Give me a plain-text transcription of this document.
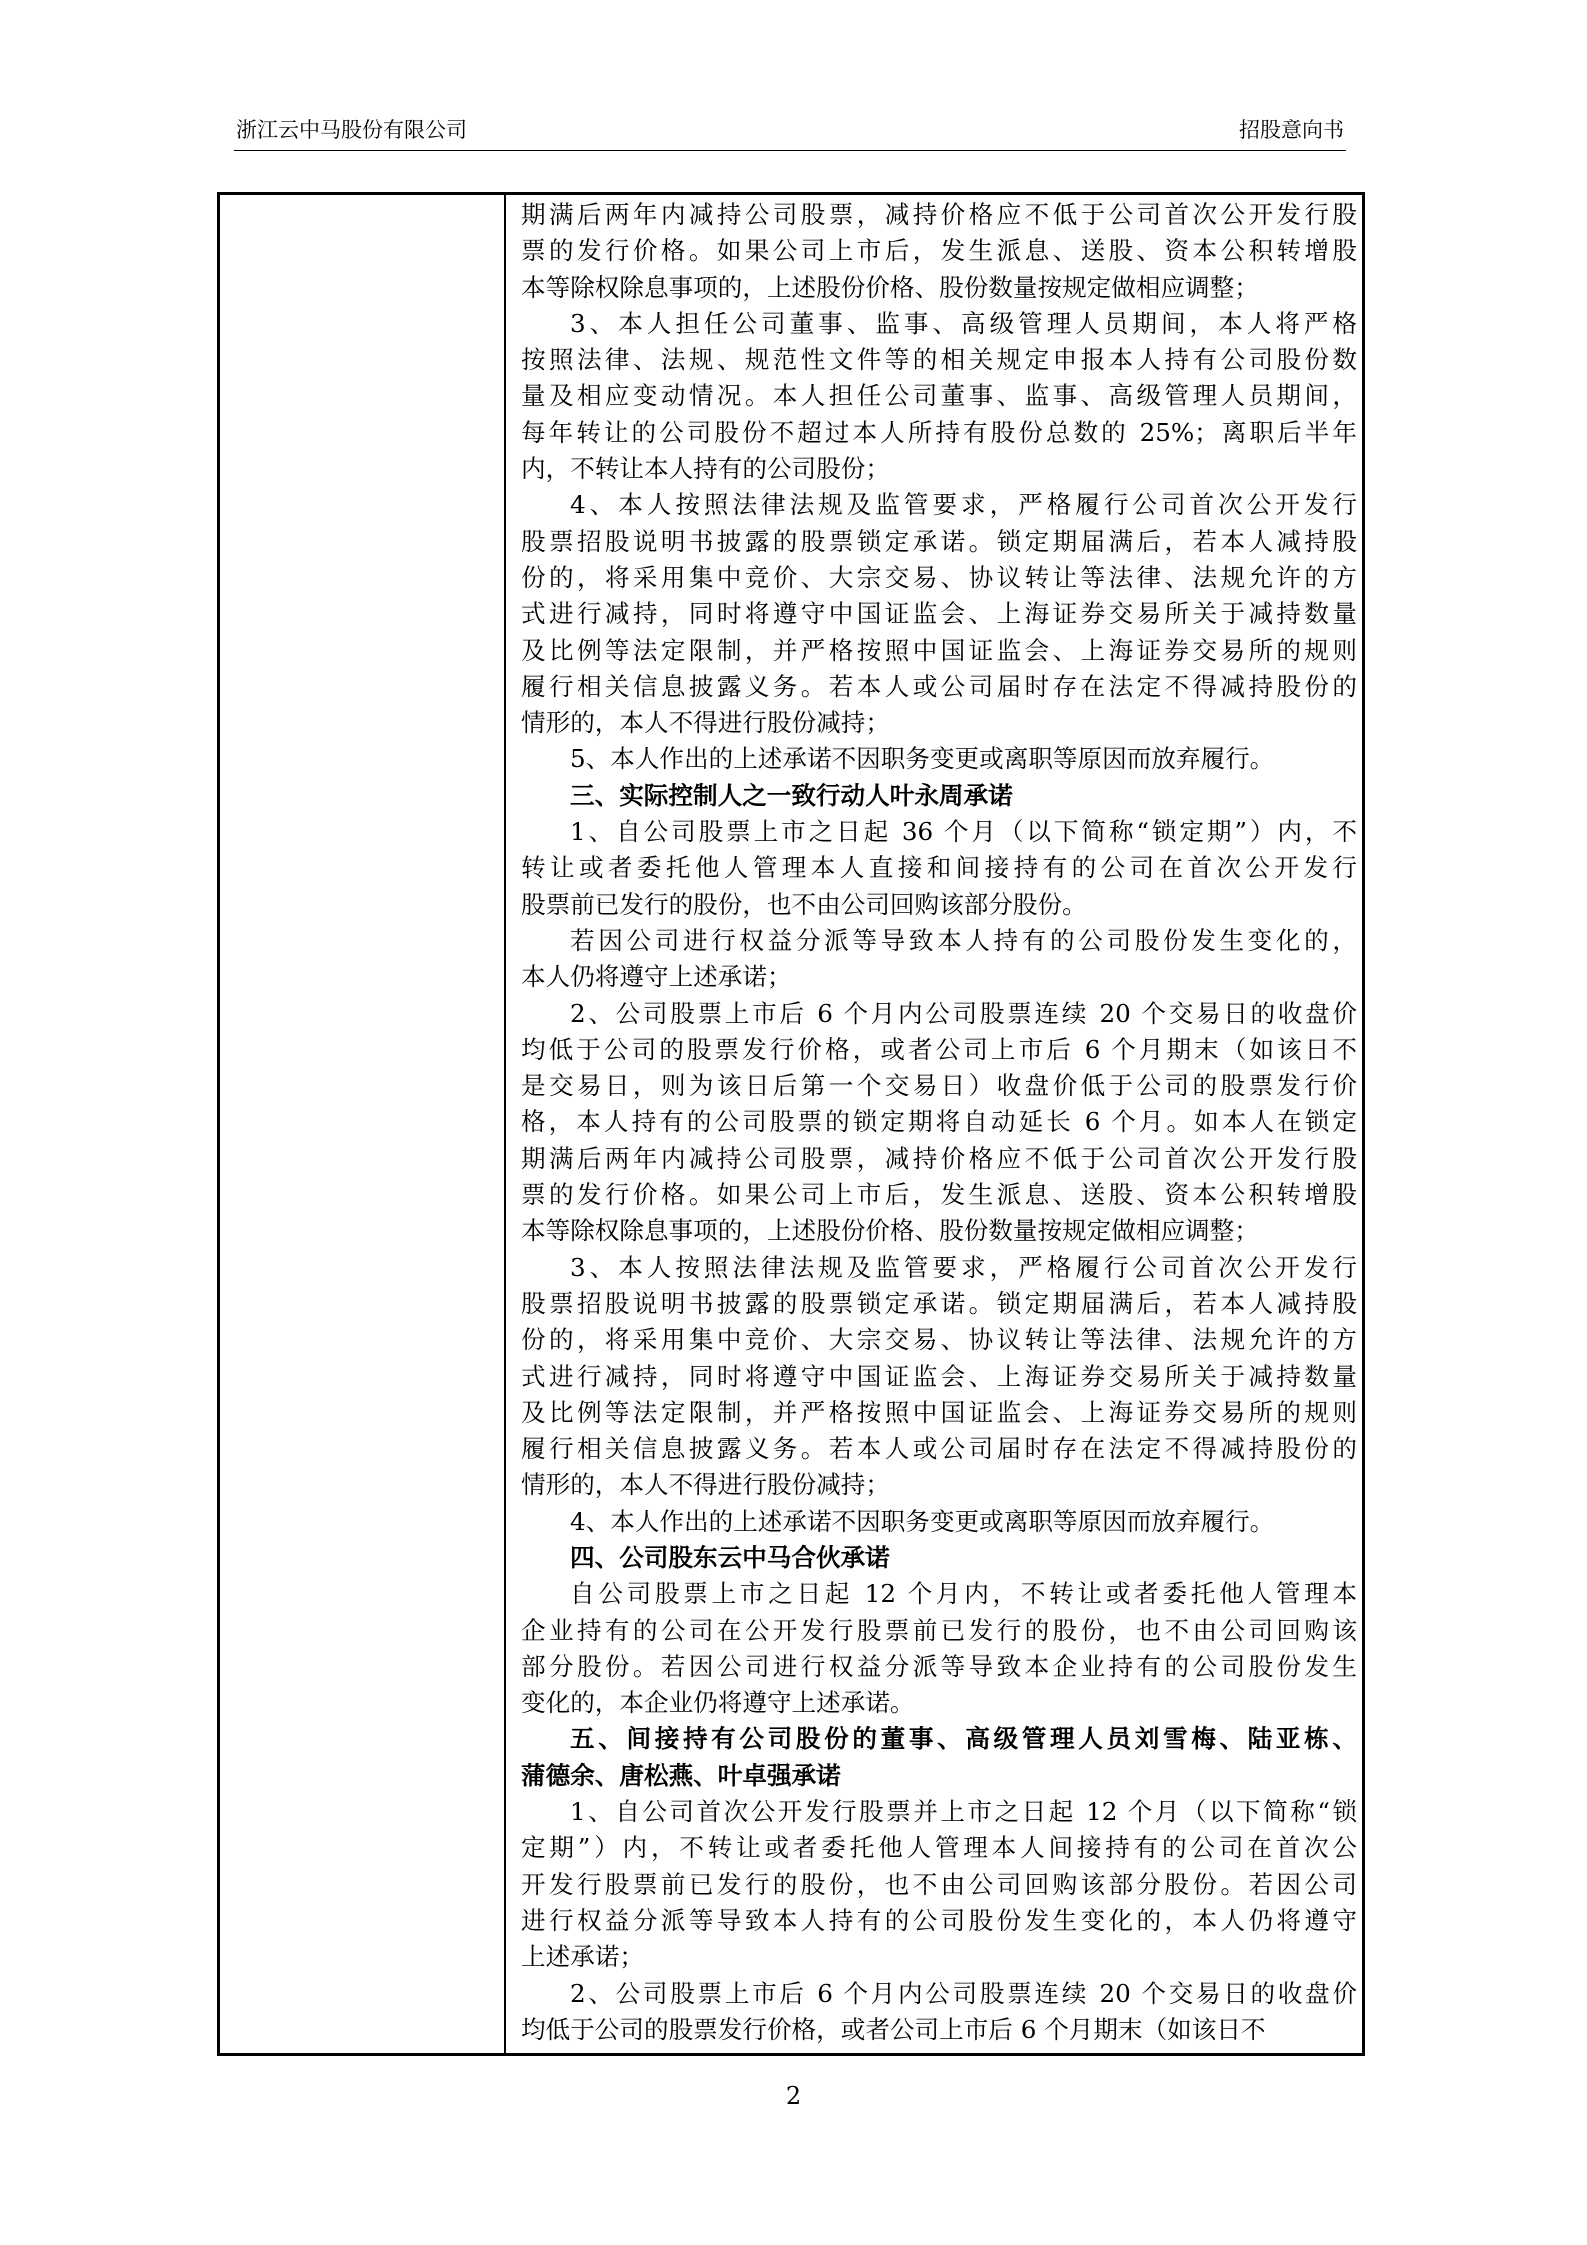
浙江云中马股份有限公司	招股意向书
期满后两年内减持公司股票，减持价格应不低于公司首次公开发行股
票的发行价格。如果公司上市后，发生派息、送股、资本公积转增股
本等除权除息事项的，上述股份价格、股份数量按规定做相应调整；
3、本人担任公司董事、监事、高级管理人员期间，本人将严格
按照法律、法规、规范性文件等的相关规定申报本人持有公司股份数
量及相应变动情况。本人担任公司董事、监事、高级管理人员期间，
每年转让的公司股份不超过本人所持有股份总数的 25%；离职后半年
内，不转让本人持有的公司股份；
4、本人按照法律法规及监管要求，严格履行公司首次公开发行
股票招股说明书披露的股票锁定承诺。锁定期届满后，若本人减持股
份的，将采用集中竞价、大宗交易、协议转让等法律、法规允许的方
式进行减持，同时将遵守中国证监会、上海证券交易所关于减持数量
及比例等法定限制，并严格按照中国证监会、上海证券交易所的规则
履行相关信息披露义务。若本人或公司届时存在法定不得减持股份的
情形的，本人不得进行股份减持；
5、本人作出的上述承诺不因职务变更或离职等原因而放弃履行。
三、实际控制人之一致行动人叶永周承诺
1、自公司股票上市之日起 36 个月（以下简称“锁定期”）内，不
转让或者委托他人管理本人直接和间接持有的公司在首次公开发行
股票前已发行的股份，也不由公司回购该部分股份。
若因公司进行权益分派等导致本人持有的公司股份发生变化的，
本人仍将遵守上述承诺；
2、公司股票上市后 6 个月内公司股票连续 20 个交易日的收盘价
均低于公司的股票发行价格，或者公司上市后 6 个月期末（如该日不
是交易日，则为该日后第一个交易日）收盘价低于公司的股票发行价
格，本人持有的公司股票的锁定期将自动延长 6 个月。如本人在锁定
期满后两年内减持公司股票，减持价格应不低于公司首次公开发行股
票的发行价格。如果公司上市后，发生派息、送股、资本公积转增股
本等除权除息事项的，上述股份价格、股份数量按规定做相应调整；
3、本人按照法律法规及监管要求，严格履行公司首次公开发行
股票招股说明书披露的股票锁定承诺。锁定期届满后，若本人减持股
份的，将采用集中竞价、大宗交易、协议转让等法律、法规允许的方
式进行减持，同时将遵守中国证监会、上海证券交易所关于减持数量
及比例等法定限制，并严格按照中国证监会、上海证券交易所的规则
履行相关信息披露义务。若本人或公司届时存在法定不得减持股份的
情形的，本人不得进行股份减持；
4、本人作出的上述承诺不因职务变更或离职等原因而放弃履行。
四、公司股东云中马合伙承诺
自公司股票上市之日起 12 个月内，不转让或者委托他人管理本
企业持有的公司在公开发行股票前已发行的股份，也不由公司回购该
部分股份。若因公司进行权益分派等导致本企业持有的公司股份发生
变化的，本企业仍将遵守上述承诺。
五、间接持有公司股份的董事、高级管理人员刘雪梅、陆亚栋、
蒲德余、唐松燕、叶卓强承诺
1、自公司首次公开发行股票并上市之日起 12 个月（以下简称“锁
定期”）内，不转让或者委托他人管理本人间接持有的公司在首次公
开发行股票前已发行的股份，也不由公司回购该部分股份。若因公司
进行权益分派等导致本人持有的公司股份发生变化的，本人仍将遵守
上述承诺；
2、公司股票上市后 6 个月内公司股票连续 20 个交易日的收盘价
均低于公司的股票发行价格，或者公司上市后 6 个月期末（如该日不
2
